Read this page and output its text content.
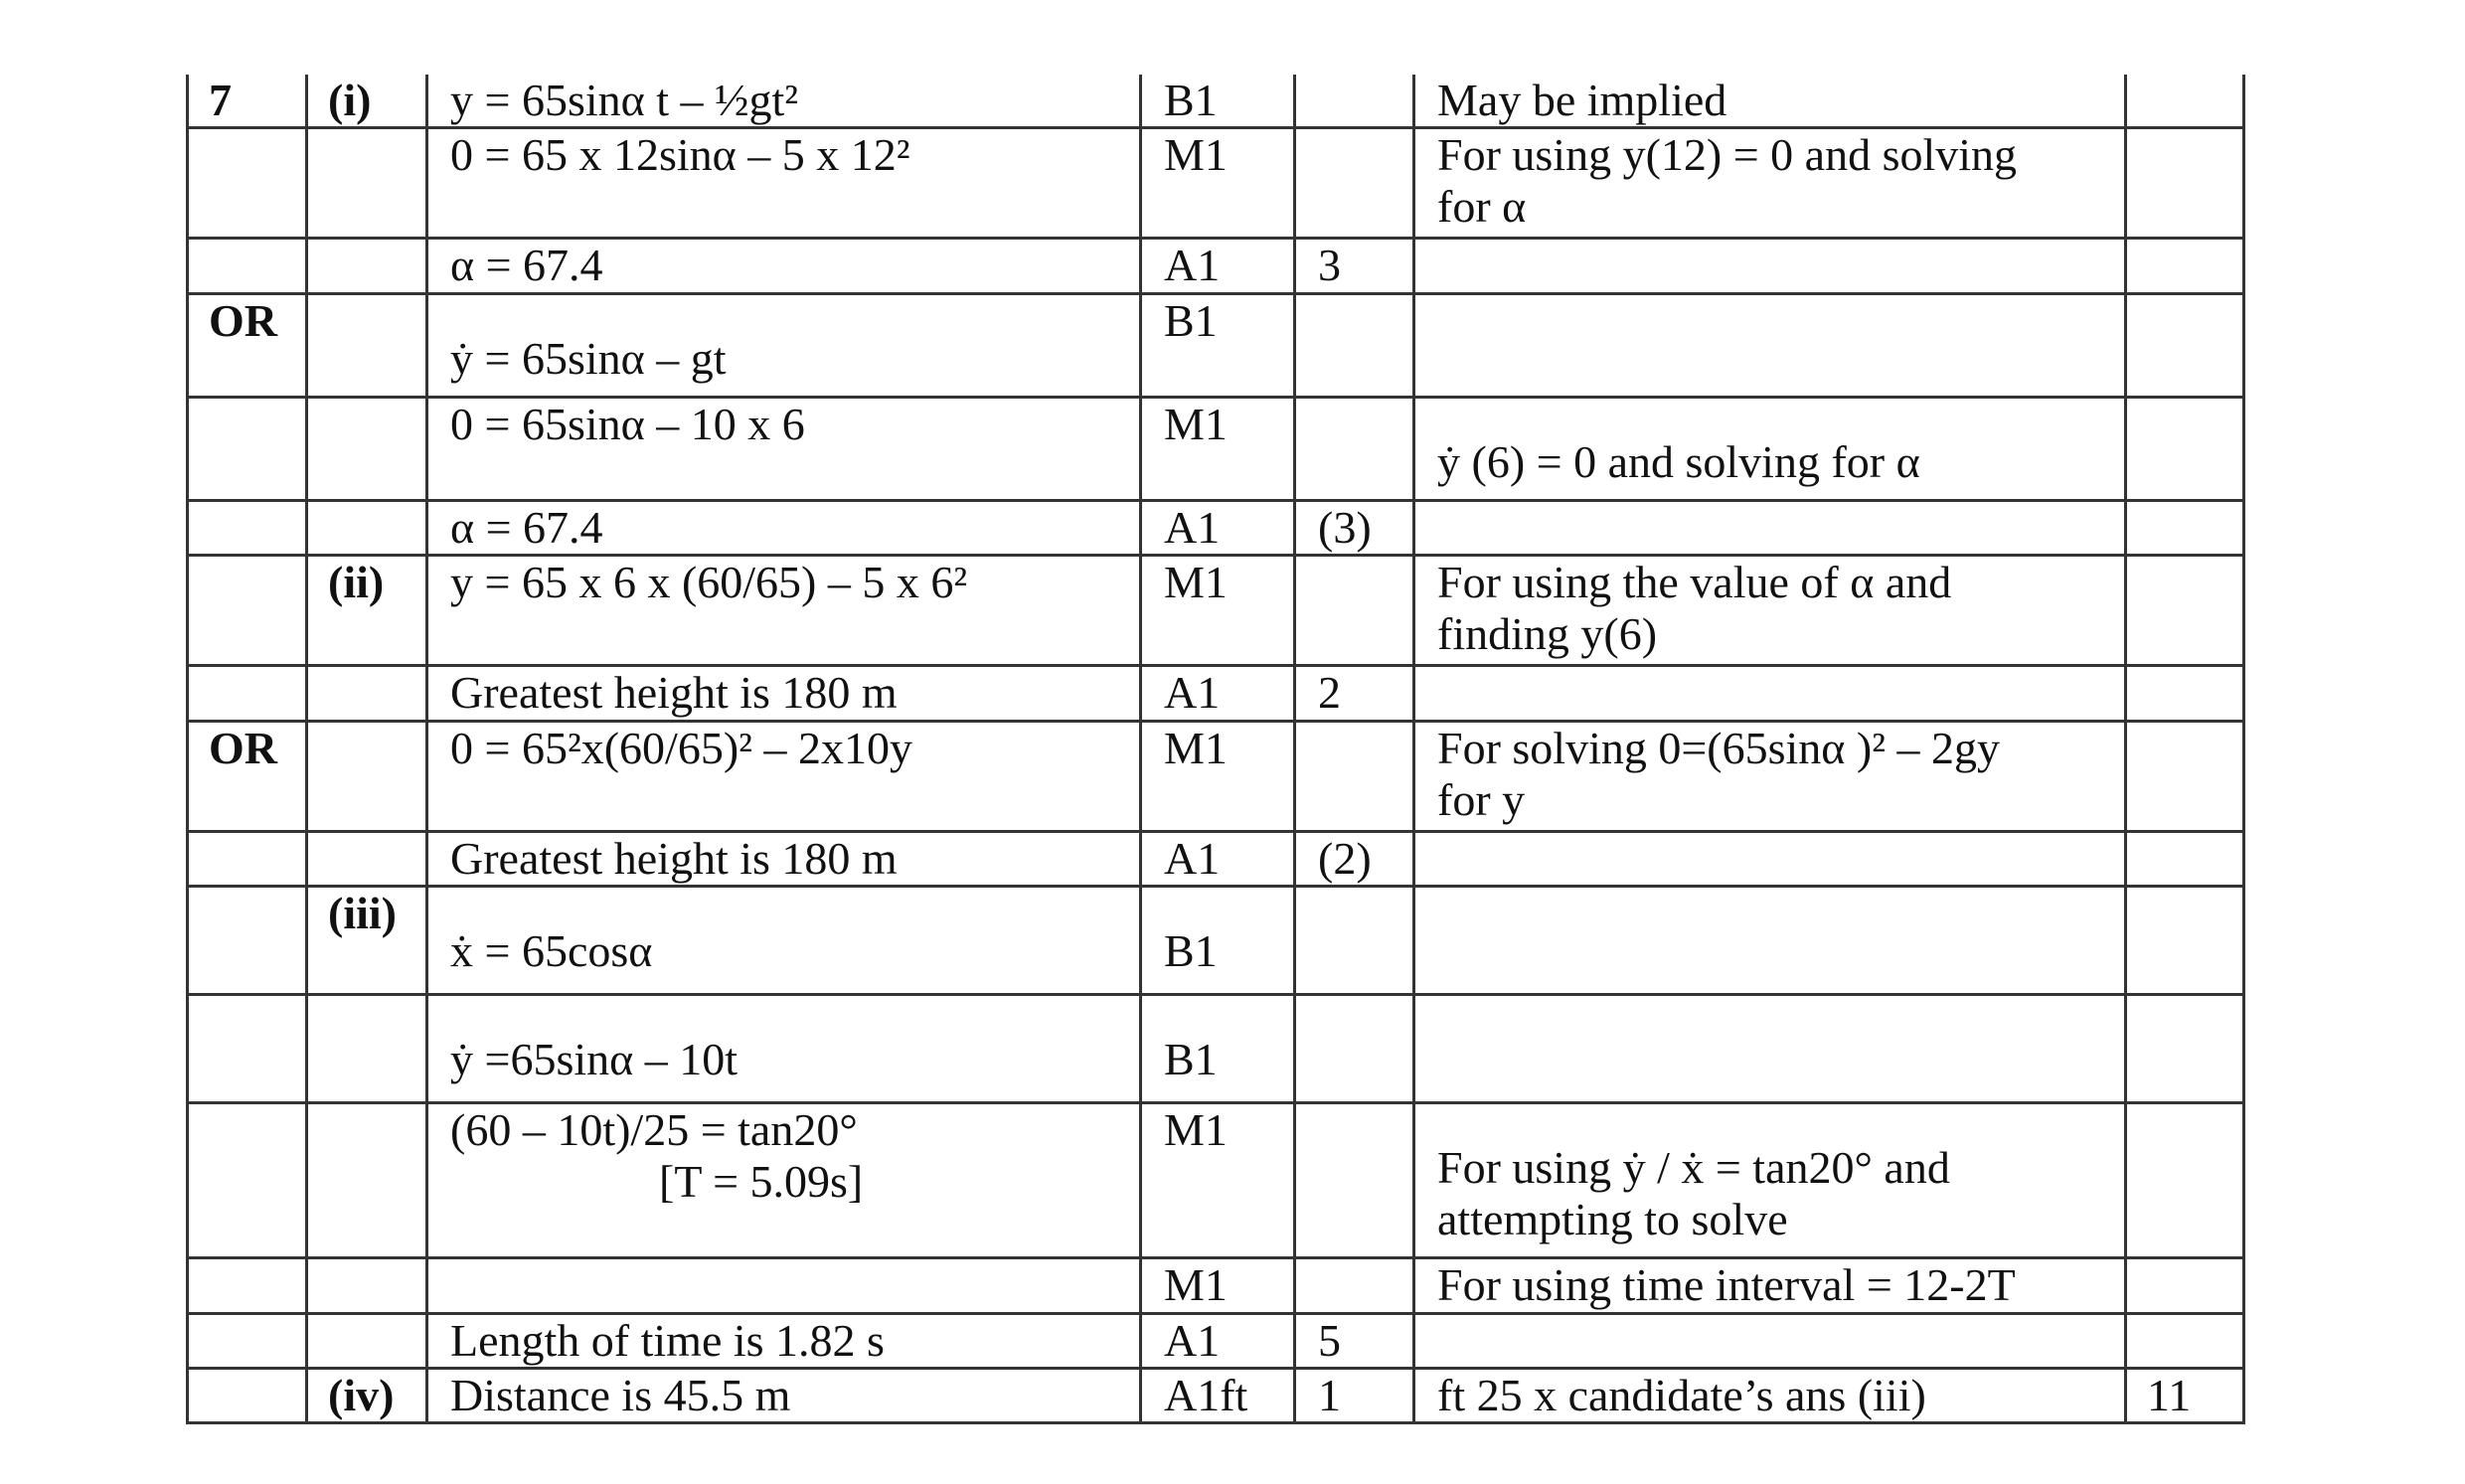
7	(i)	y = 65sinα t – ½gt²	B1		May be implied	
		0 = 65 x 12sinα – 5 x 12²	M1		For using y(12) = 0 and solving
for α	
		α = 67.4	A1	3		
OR		ẏ = 65sinα – gt	B1			
		0 = 65sinα – 10 x 6	M1		ẏ (6) = 0 and solving for α	
		α = 67.4	A1	(3)		
	(ii)	y = 65 x 6 x (60/65) – 5 x 6²	M1		For using the value of α and
finding y(6)	
		Greatest height is 180 m	A1	2		
OR		0 = 65²x(60/65)² – 2x10y	M1		For solving 0=(65sinα )² – 2gy
for y	
		Greatest height is 180 m	A1	(2)		
	(iii)	ẋ = 65cosα	B1			

ẏ =65sinα – 10t	B1			
		(60 – 10t)/25 = tan20°
[T = 5.09s]	M1		For using ẏ / ẋ = tan20° and
attempting to solve	
			M1		For using time interval = 12-2T	
		Length of time is 1.82 s	A1	5		
	(iv)	Distance is 45.5 m	A1ft	1	ft 25 x candidate’s ans (iii)	11
